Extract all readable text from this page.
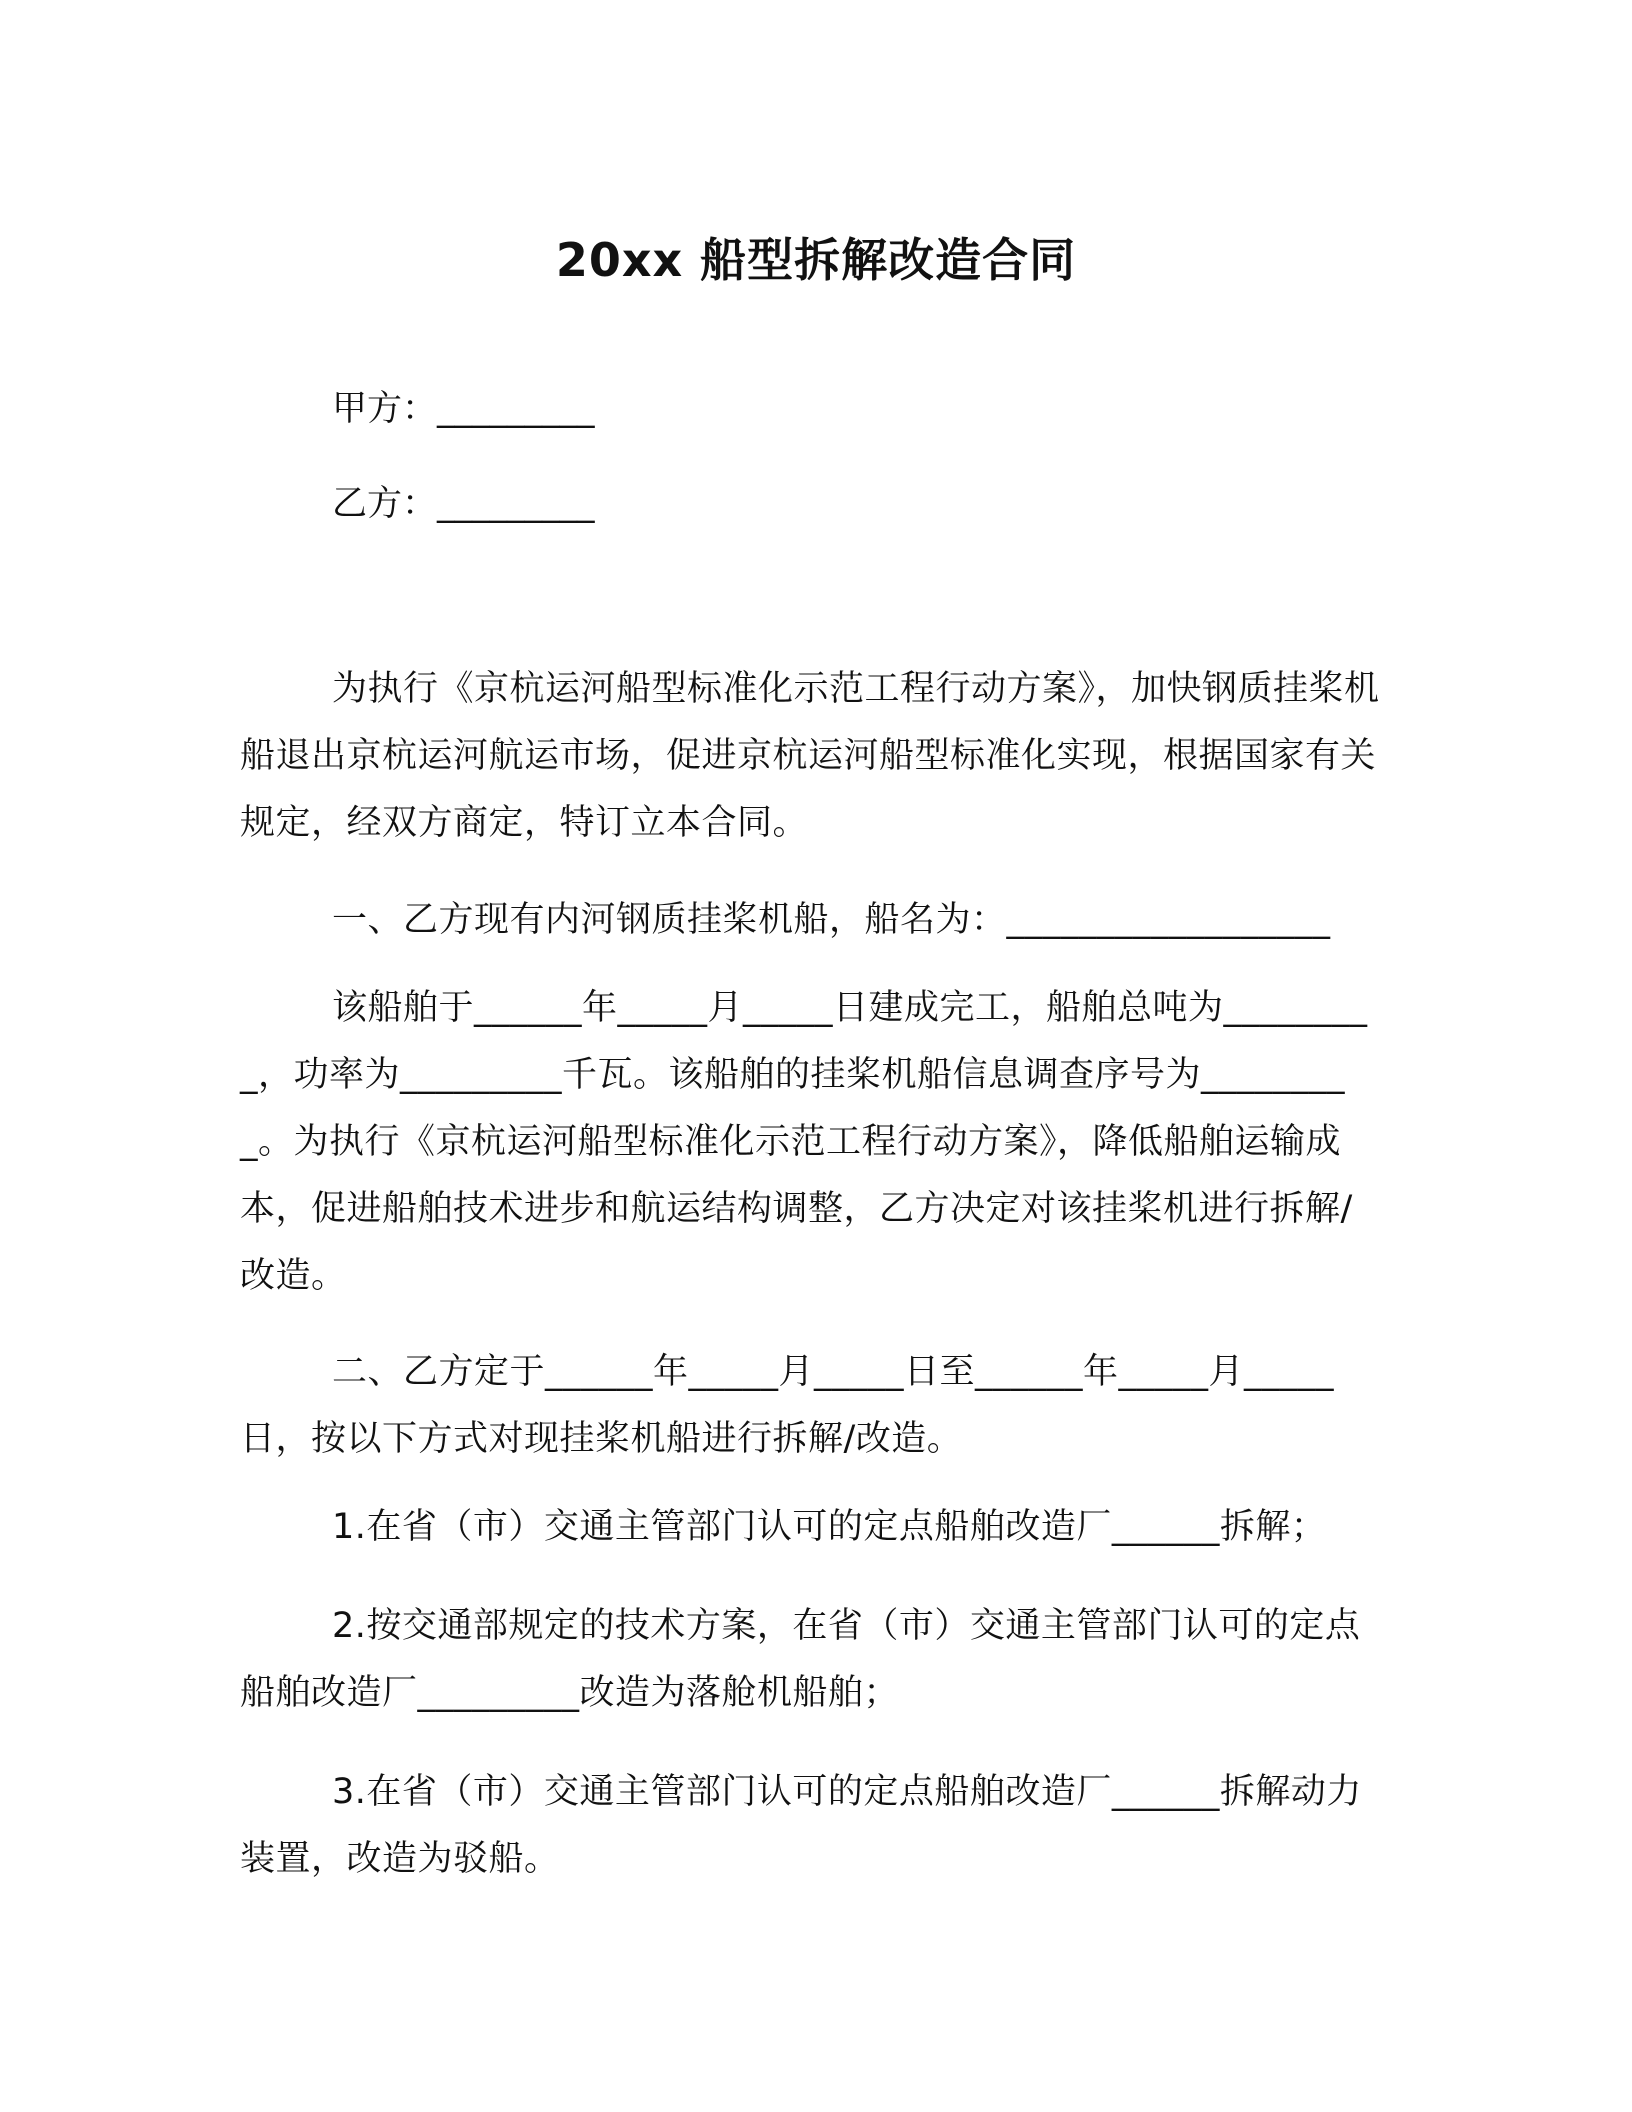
20xx 船型拆解改造合同
甲方：_________
乙方：_________

为执行《京杭运河船型标准化示范工程行动方案》，加快钢质挂桨机船退出京杭运河航运市场，促进京杭运河船型标准化实现，根据国家有关规定，经双方商定，特订立本合同。

一、乙方现有内河钢质挂桨机船，船名为：__________________

该船舶于______年_____月_____日建成完工，船舶总吨为_________，功率为_________千瓦。该船舶的挂桨机船信息调查序号为_________。为执行《京杭运河船型标准化示范工程行动方案》，降低船舶运输成本，促进船舶技术进步和航运结构调整，乙方决定对该挂桨机进行拆解/改造。

二、乙方定于______年_____月_____日至______年_____月_____日，按以下方式对现挂桨机船进行拆解/改造。

1.在省（市）交通主管部门认可的定点船舶改造厂______拆解；

2.按交通部规定的技术方案，在省（市）交通主管部门认可的定点船舶改造厂_________改造为落舱机船舶；

3.在省（市）交通主管部门认可的定点船舶改造厂______拆解动力装置，改造为驳船。
